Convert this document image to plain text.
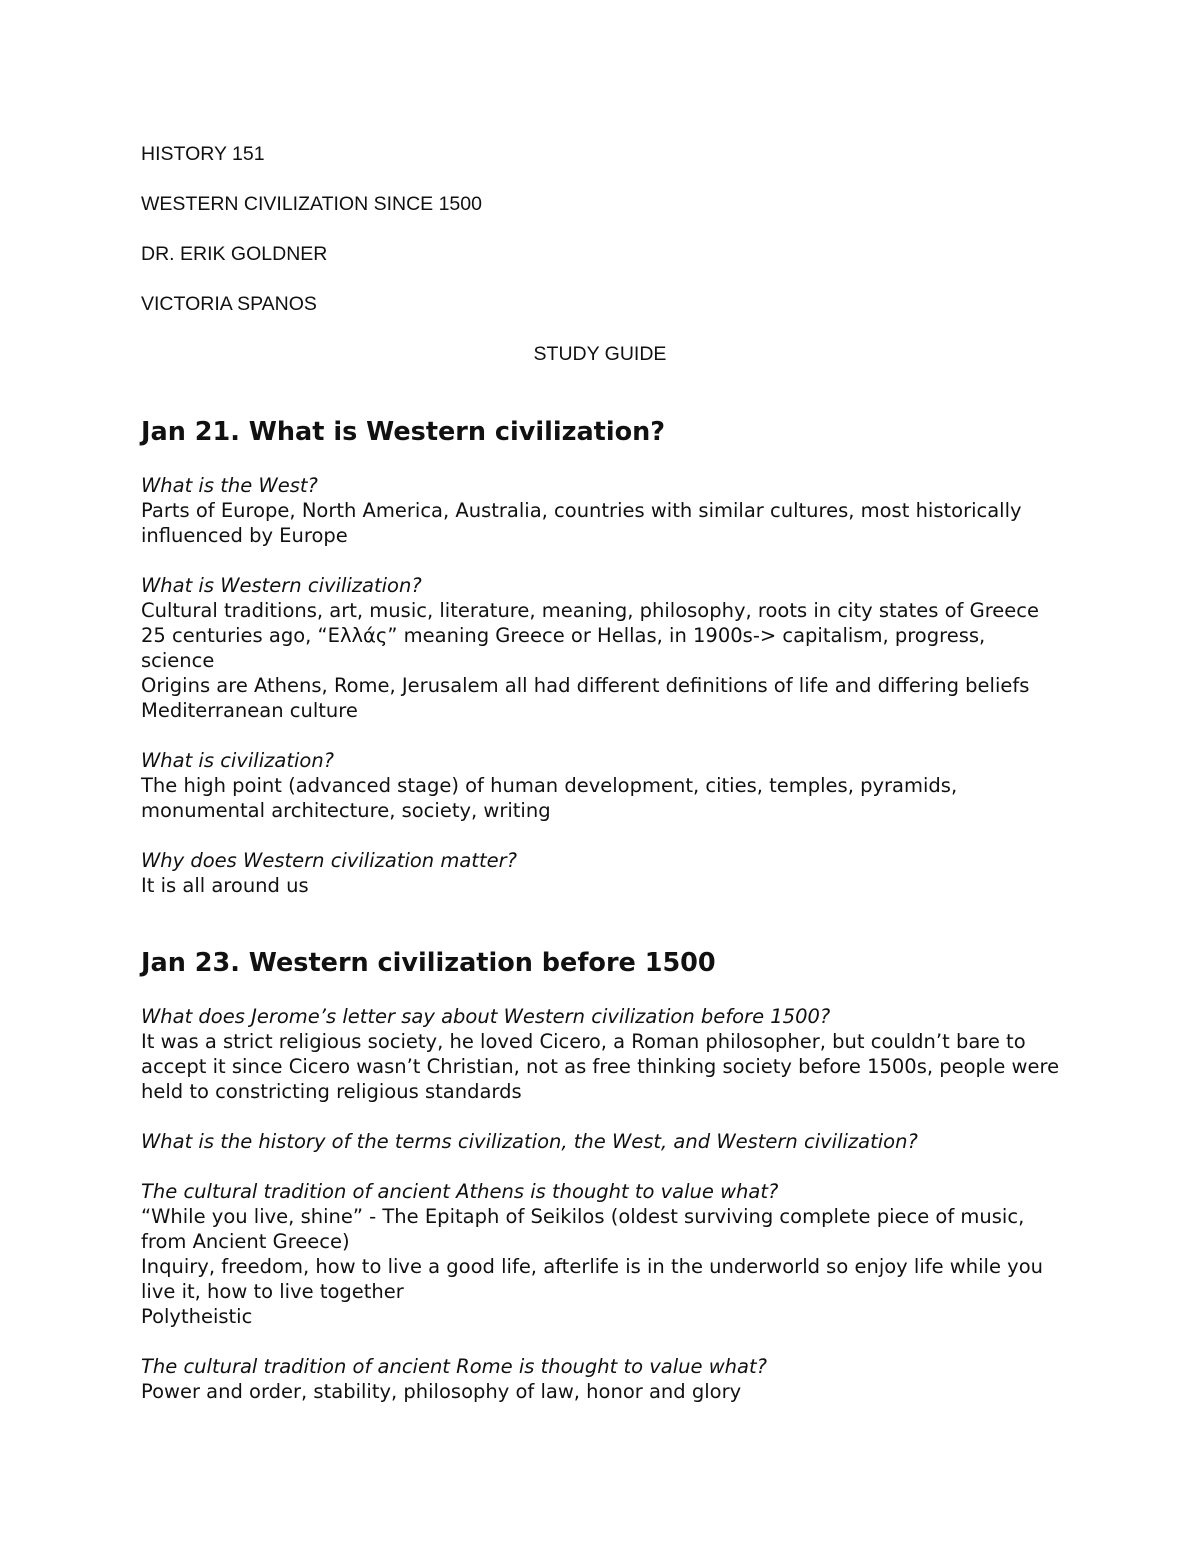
HISTORY 151
WESTERN CIVILIZATION SINCE 1500
DR. ERIK GOLDNER
VICTORIA SPANOS
STUDY GUIDE
Jan 21. What is Western civilization?

What is the West?

Parts of Europe, North America, Australia, countries with similar cultures, most historically influenced by Europe

What is Western civilization?

Cultural traditions, art, music, literature, meaning, philosophy, roots in city states of Greece 25 centuries ago, “Ελλάς” meaning Greece or Hellas, in 1900s-> capitalism, progress, science

Origins are Athens, Rome, Jerusalem all had different definitions of life and differing beliefs

Mediterranean culture

What is civilization?

The high point (advanced stage) of human development, cities, temples, pyramids, monumental architecture, society, writing

Why does Western civilization matter?

It is all around us

Jan 23. Western civilization before 1500

What does Jerome’s letter say about Western civilization before 1500?

It was a strict religious society, he loved Cicero, a Roman philosopher, but couldn’t bare to accept it since Cicero wasn’t Christian, not as free thinking society before 1500s, people were held to constricting religious standards

What is the history of the terms civilization, the West, and Western civilization?

The cultural tradition of ancient Athens is thought to value what?

“While you live, shine” - The Epitaph of Seikilos (oldest surviving complete piece of music, from Ancient Greece)

Inquiry, freedom, how to live a good life, afterlife is in the underworld so enjoy life while you live it, how to live together

Polytheistic

The cultural tradition of ancient Rome is thought to value what?

Power and order, stability, philosophy of law, honor and glory
